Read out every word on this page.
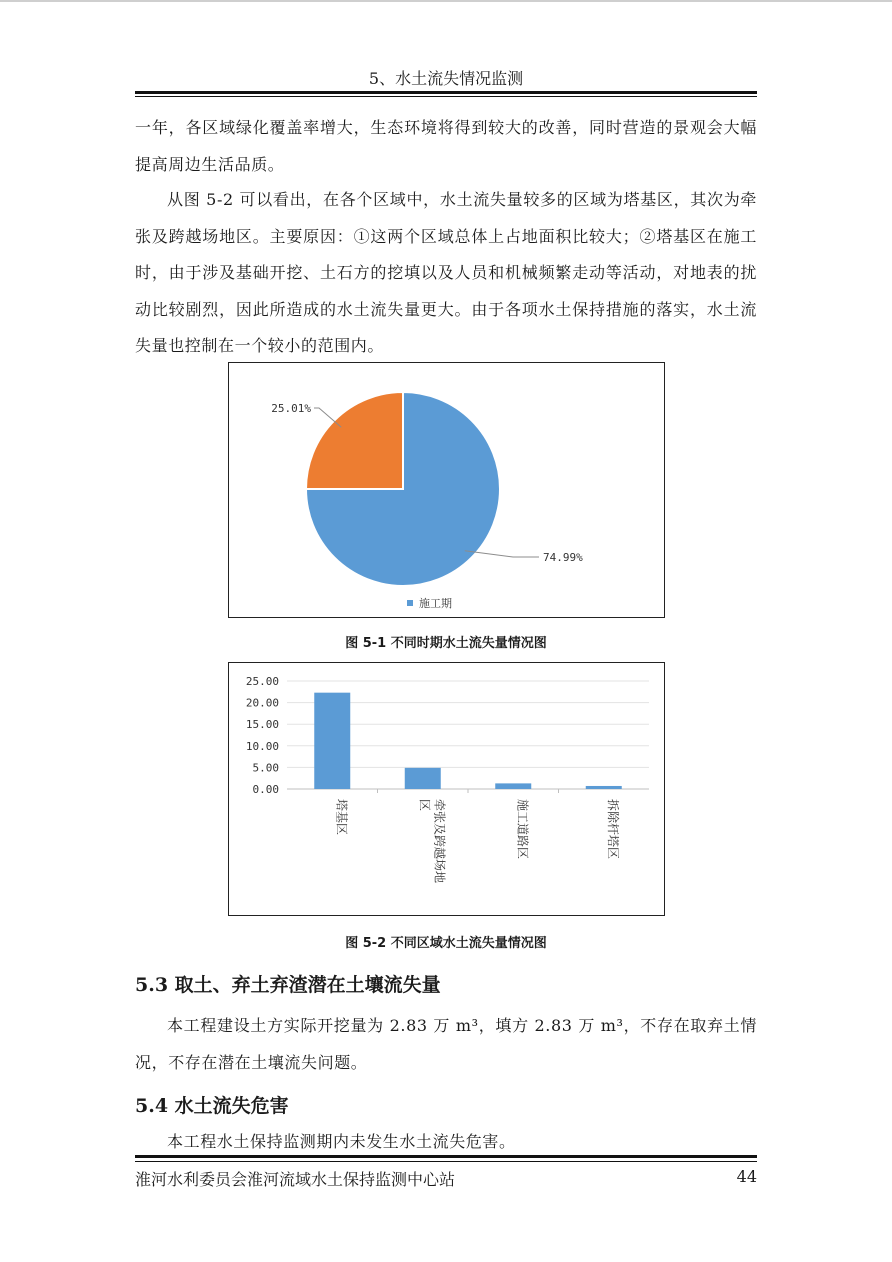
5、水土流失情况监测

一年，各区域绿化覆盖率增大，生态环境将得到较大的改善，同时营造的景观会大幅提高周边生活品质。

从图 5-2 可以看出，在各个区域中，水土流失量较多的区域为塔基区，其次为牵张及跨越场地区。主要原因：①这两个区域总体上占地面积比较大；②塔基区在施工时，由于涉及基础开挖、土石方的挖填以及人员和机械频繁走动等活动，对地表的扰动比较剧烈，因此所造成的水土流失量更大。由于各项水土保持措施的落实，水土流失量也控制在一个较小的范围内。

74.99%
25.01%
施工期
图 5-1 不同时期水土流失量情况图
0.00
5.00
10.00
15.00
20.00
25.00
塔基区	牵张及跨越场地
区	施工道路区	拆除杆塔区
图 5-2 不同区域水土流失量情况图
5.3 取土、弃土弃渣潜在土壤流失量

本工程建设土方实际开挖量为 2.83 万 m³，填方 2.83 万 m³，不存在取弃土情况，不存在潜在土壤流失问题。

5.4 水土流失危害

本工程水土保持监测期内未发生水土流失危害。

淮河水利委员会淮河流域水土保持监测中心站	44
